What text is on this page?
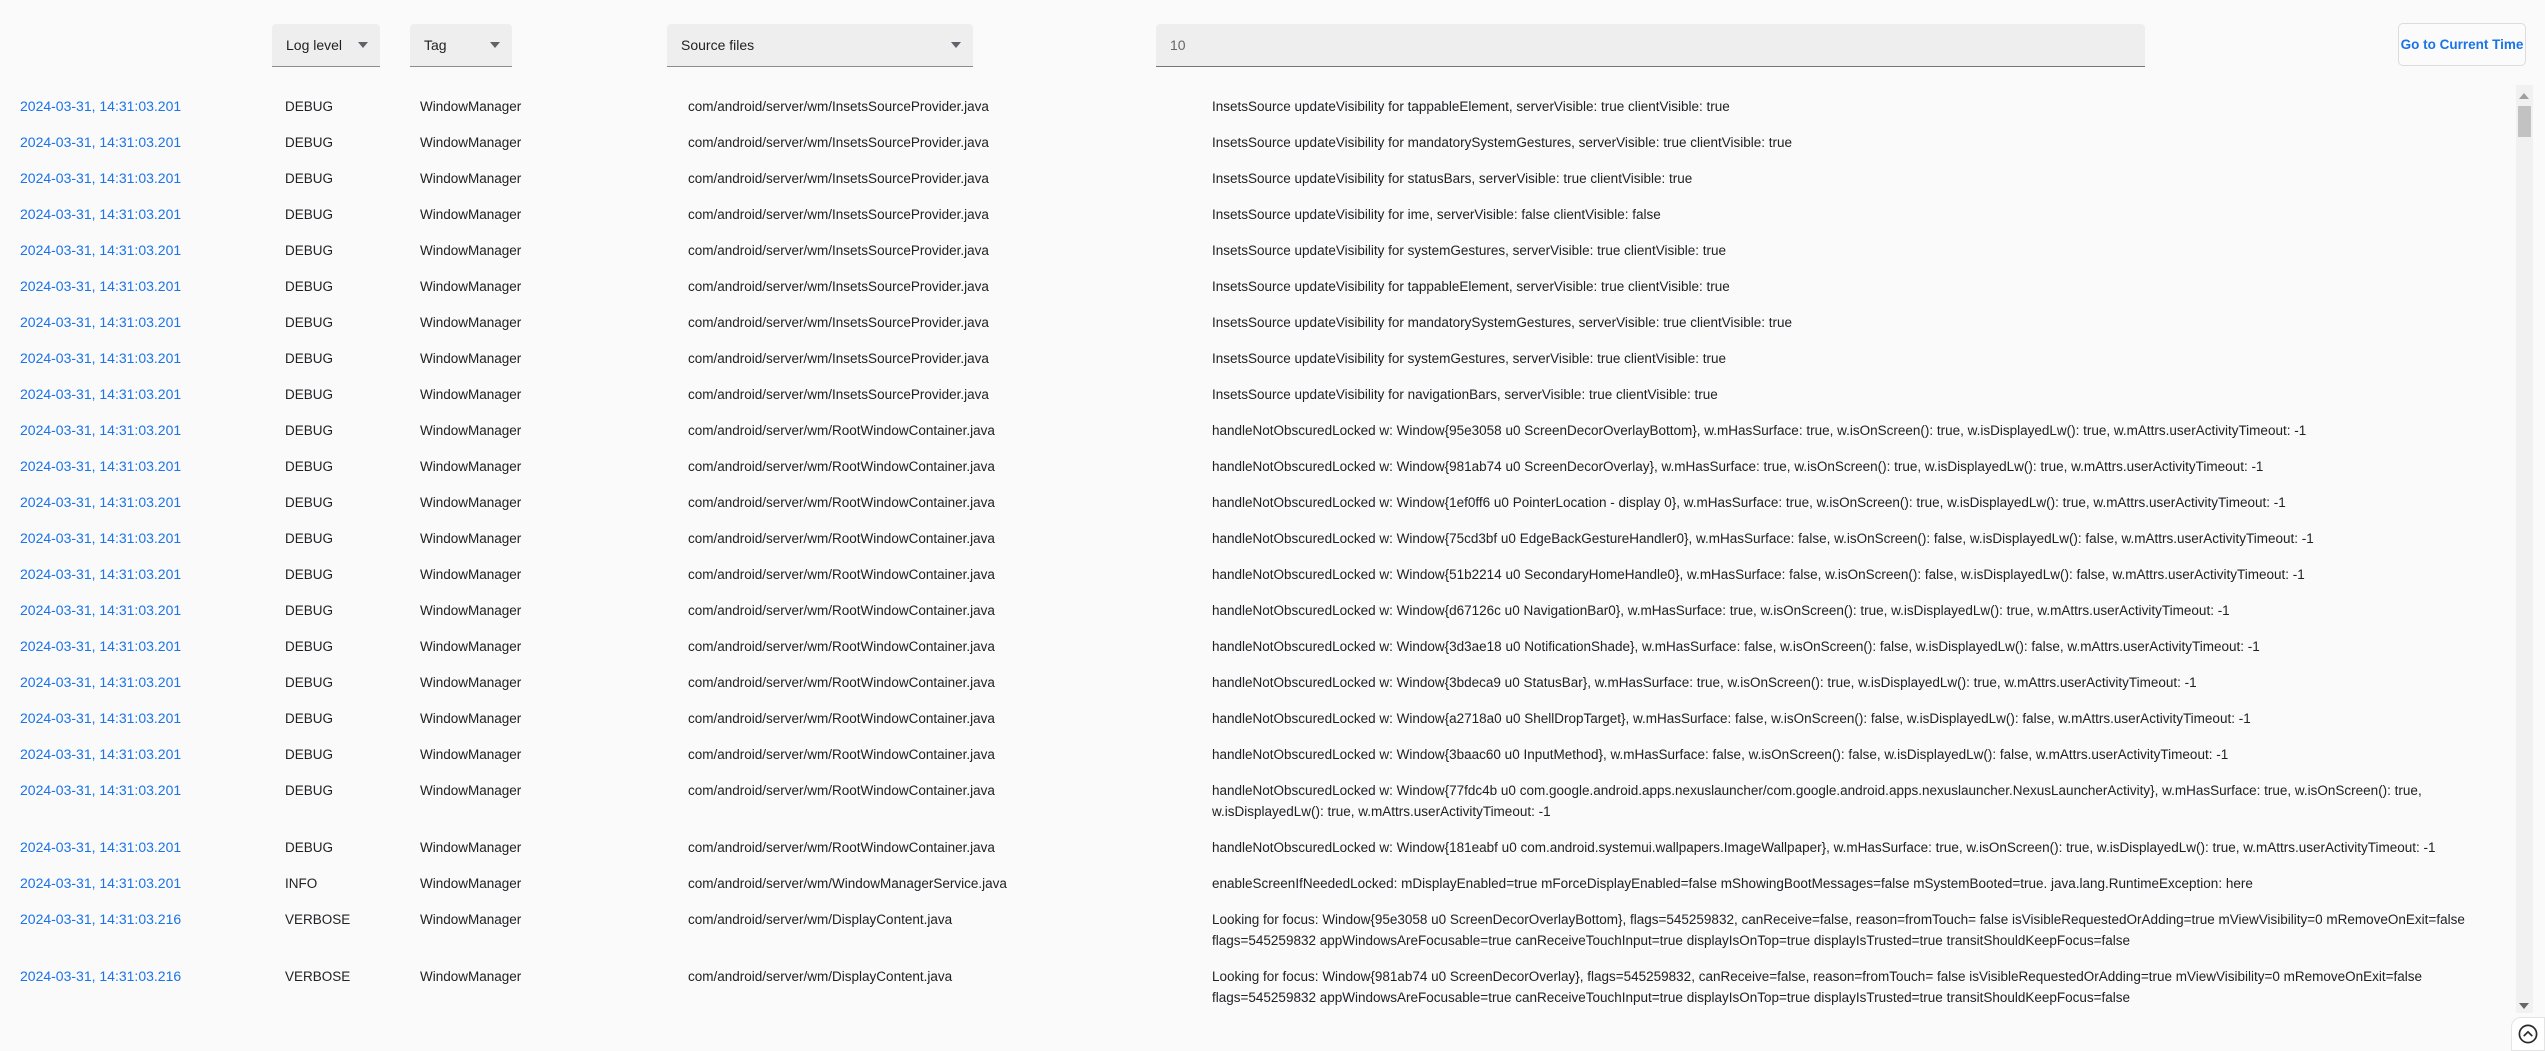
Log level	Tag	Source files
10	Go to Current Time
2024-03-31, 14:31:03.201	DEBUG	WindowManager	com/android/server/wm/InsetsSourceProvider.java	InsetsSource updateVisibility for tappableElement, serverVisible: true clientVisible: true
2024-03-31, 14:31:03.201	DEBUG	WindowManager	com/android/server/wm/InsetsSourceProvider.java	InsetsSource updateVisibility for mandatorySystemGestures, serverVisible: true clientVisible: true
2024-03-31, 14:31:03.201	DEBUG	WindowManager	com/android/server/wm/InsetsSourceProvider.java	InsetsSource updateVisibility for statusBars, serverVisible: true clientVisible: true
2024-03-31, 14:31:03.201	DEBUG	WindowManager	com/android/server/wm/InsetsSourceProvider.java	InsetsSource updateVisibility for ime, serverVisible: false clientVisible: false
2024-03-31, 14:31:03.201	DEBUG	WindowManager	com/android/server/wm/InsetsSourceProvider.java	InsetsSource updateVisibility for systemGestures, serverVisible: true clientVisible: true
2024-03-31, 14:31:03.201	DEBUG	WindowManager	com/android/server/wm/InsetsSourceProvider.java	InsetsSource updateVisibility for tappableElement, serverVisible: true clientVisible: true
2024-03-31, 14:31:03.201	DEBUG	WindowManager	com/android/server/wm/InsetsSourceProvider.java	InsetsSource updateVisibility for mandatorySystemGestures, serverVisible: true clientVisible: true
2024-03-31, 14:31:03.201	DEBUG	WindowManager	com/android/server/wm/InsetsSourceProvider.java	InsetsSource updateVisibility for systemGestures, serverVisible: true clientVisible: true
2024-03-31, 14:31:03.201	DEBUG	WindowManager	com/android/server/wm/InsetsSourceProvider.java	InsetsSource updateVisibility for navigationBars, serverVisible: true clientVisible: true
2024-03-31, 14:31:03.201	DEBUG	WindowManager	com/android/server/wm/RootWindowContainer.java	handleNotObscuredLocked w: Window{95e3058 u0 ScreenDecorOverlayBottom}, w.mHasSurface: true, w.isOnScreen(): true, w.isDisplayedLw(): true, w.mAttrs.userActivityTimeout: -1
2024-03-31, 14:31:03.201	DEBUG	WindowManager	com/android/server/wm/RootWindowContainer.java	handleNotObscuredLocked w: Window{981ab74 u0 ScreenDecorOverlay}, w.mHasSurface: true, w.isOnScreen(): true, w.isDisplayedLw(): true, w.mAttrs.userActivityTimeout: -1
2024-03-31, 14:31:03.201	DEBUG	WindowManager	com/android/server/wm/RootWindowContainer.java	handleNotObscuredLocked w: Window{1ef0ff6 u0 PointerLocation - display 0}, w.mHasSurface: true, w.isOnScreen(): true, w.isDisplayedLw(): true, w.mAttrs.userActivityTimeout: -1
2024-03-31, 14:31:03.201	DEBUG	WindowManager	com/android/server/wm/RootWindowContainer.java	handleNotObscuredLocked w: Window{75cd3bf u0 EdgeBackGestureHandler0}, w.mHasSurface: false, w.isOnScreen(): false, w.isDisplayedLw(): false, w.mAttrs.userActivityTimeout: -1
2024-03-31, 14:31:03.201	DEBUG	WindowManager	com/android/server/wm/RootWindowContainer.java	handleNotObscuredLocked w: Window{51b2214 u0 SecondaryHomeHandle0}, w.mHasSurface: false, w.isOnScreen(): false, w.isDisplayedLw(): false, w.mAttrs.userActivityTimeout: -1
2024-03-31, 14:31:03.201	DEBUG	WindowManager	com/android/server/wm/RootWindowContainer.java	handleNotObscuredLocked w: Window{d67126c u0 NavigationBar0}, w.mHasSurface: true, w.isOnScreen(): true, w.isDisplayedLw(): true, w.mAttrs.userActivityTimeout: -1
2024-03-31, 14:31:03.201	DEBUG	WindowManager	com/android/server/wm/RootWindowContainer.java	handleNotObscuredLocked w: Window{3d3ae18 u0 NotificationShade}, w.mHasSurface: false, w.isOnScreen(): false, w.isDisplayedLw(): false, w.mAttrs.userActivityTimeout: -1
2024-03-31, 14:31:03.201	DEBUG	WindowManager	com/android/server/wm/RootWindowContainer.java	handleNotObscuredLocked w: Window{3bdeca9 u0 StatusBar}, w.mHasSurface: true, w.isOnScreen(): true, w.isDisplayedLw(): true, w.mAttrs.userActivityTimeout: -1
2024-03-31, 14:31:03.201	DEBUG	WindowManager	com/android/server/wm/RootWindowContainer.java	handleNotObscuredLocked w: Window{a2718a0 u0 ShellDropTarget}, w.mHasSurface: false, w.isOnScreen(): false, w.isDisplayedLw(): false, w.mAttrs.userActivityTimeout: -1
2024-03-31, 14:31:03.201	DEBUG	WindowManager	com/android/server/wm/RootWindowContainer.java	handleNotObscuredLocked w: Window{3baac60 u0 InputMethod}, w.mHasSurface: false, w.isOnScreen(): false, w.isDisplayedLw(): false, w.mAttrs.userActivityTimeout: -1
2024-03-31, 14:31:03.201	DEBUG	WindowManager	com/android/server/wm/RootWindowContainer.java	handleNotObscuredLocked w: Window{77fdc4b u0 com.google.android.apps.nexuslauncher/com.google.android.apps.nexuslauncher.NexusLauncherActivity}, w.mHasSurface: true, w.isOnScreen(): true, w.isDisplayedLw(): true, w.mAttrs.userActivityTimeout: -1
2024-03-31, 14:31:03.201	DEBUG	WindowManager	com/android/server/wm/RootWindowContainer.java	handleNotObscuredLocked w: Window{181eabf u0 com.android.systemui.wallpapers.ImageWallpaper}, w.mHasSurface: true, w.isOnScreen(): true, w.isDisplayedLw(): true, w.mAttrs.userActivityTimeout: -1
2024-03-31, 14:31:03.201	INFO	WindowManager	com/android/server/wm/WindowManagerService.java	enableScreenIfNeededLocked: mDisplayEnabled=true mForceDisplayEnabled=false mShowingBootMessages=false mSystemBooted=true. java.lang.RuntimeException: here
2024-03-31, 14:31:03.216	VERBOSE	WindowManager	com/android/server/wm/DisplayContent.java	Looking for focus: Window{95e3058 u0 ScreenDecorOverlayBottom}, flags=545259832, canReceive=false, reason=fromTouch= false isVisibleRequestedOrAdding=true mViewVisibility=0 mRemoveOnExit=false flags=545259832 appWindowsAreFocusable=true canReceiveTouchInput=true displayIsOnTop=true displayIsTrusted=true transitShouldKeepFocus=false
2024-03-31, 14:31:03.216	VERBOSE	WindowManager	com/android/server/wm/DisplayContent.java	Looking for focus: Window{981ab74 u0 ScreenDecorOverlay}, flags=545259832, canReceive=false, reason=fromTouch= false isVisibleRequestedOrAdding=true mViewVisibility=0 mRemoveOnExit=false flags=545259832 appWindowsAreFocusable=true canReceiveTouchInput=true displayIsOnTop=true displayIsTrusted=true transitShouldKeepFocus=false
